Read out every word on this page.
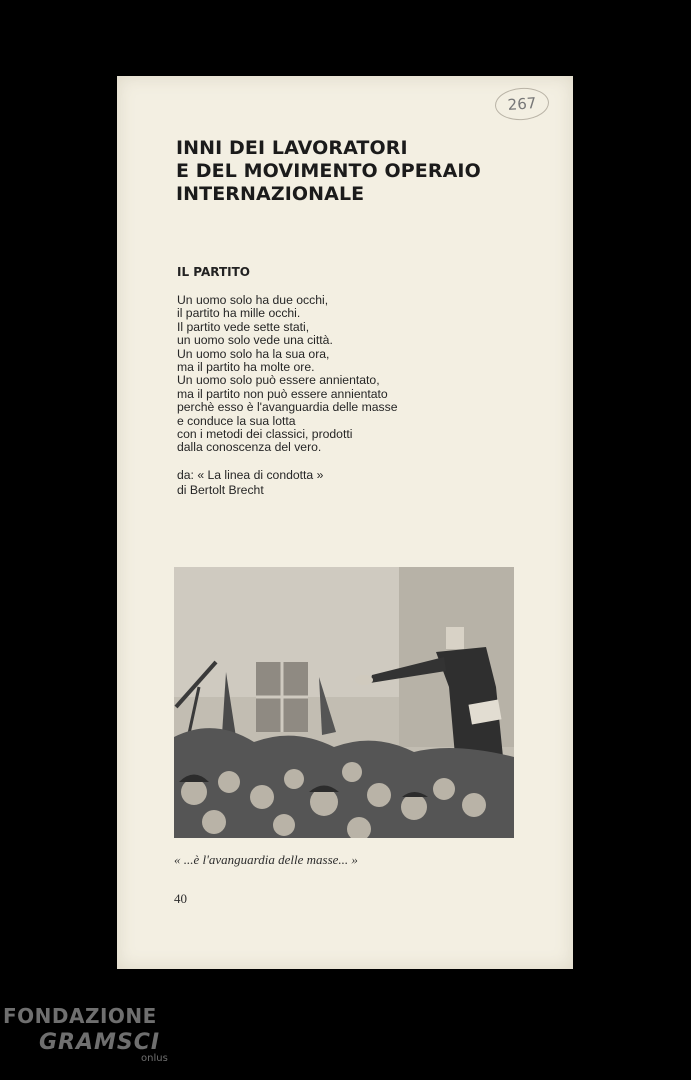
267
INNI DEI LAVORATORI
E DEL MOVIMENTO OPERAIO
INTERNAZIONALE
IL PARTITO
Un uomo solo ha due occhi,
il partito ha mille occhi.
Il partito vede sette stati,
un uomo solo vede una città.
Un uomo solo ha la sua ora,
ma il partito ha molte ore.
Un uomo solo può essere annientato,
ma il partito non può essere annientato
perchè esso è l'avanguardia delle masse
e conduce la sua lotta
con i metodi dei classici, prodotti
dalla conoscenza del vero.
da: « La linea di condotta »
di Bertolt Brecht
« ...è l'avanguardia delle masse... »
40
FONDAZIONE
GRAMSCI
onlus
